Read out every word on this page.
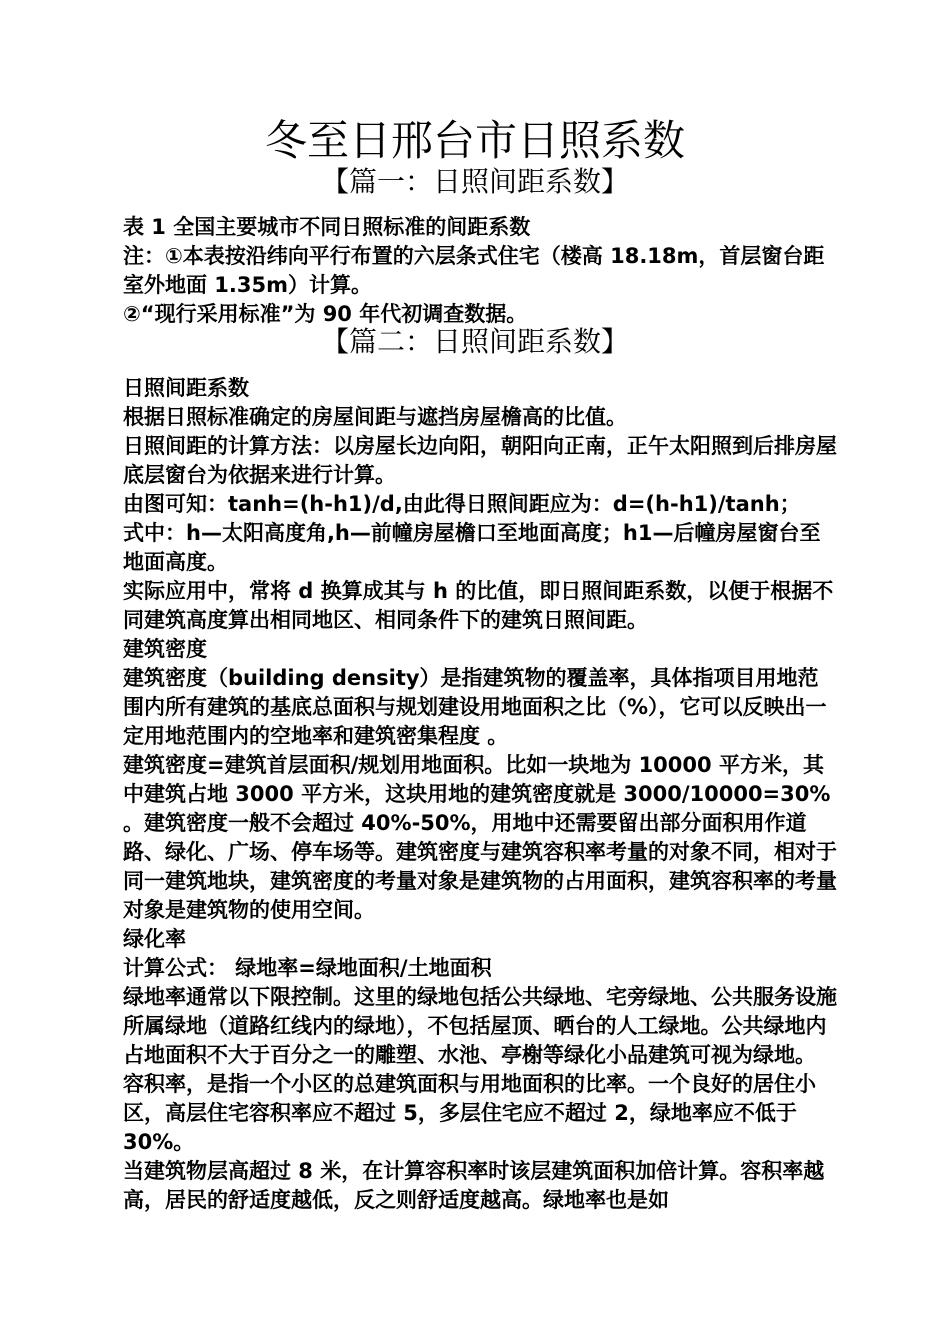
冬至日邢台市日照系数
【篇一：日照间距系数】

表 1 全国主要城市不同日照标准的间距系数

注：①本表按沿纬向平行布置的六层条式住宅（楼高 18.18m，首层窗台距室外地面 1.35m）计算。

②“现行采用标准”为 90 年代初调查数据。

【篇二：日照间距系数】

日照间距系数

根据日照标准确定的房屋间距与遮挡房屋檐高的比值。

日照间距的计算方法：以房屋长边向阳，朝阳向正南，正午太阳照到后排房屋底层窗台为依据来进行计算。

由图可知：tanh=(h-h1)/d,由此得日照间距应为：d=(h-h1)/tanh；

式中：h—太阳高度角,h—前幢房屋檐口至地面高度；h1—后幢房屋窗台至地面高度。

实际应用中，常将 d 换算成其与 h 的比值，即日照间距系数，以便于根据不同建筑高度算出相同地区、相同条件下的建筑日照间距。

建筑密度

建筑密度（building density）是指建筑物的覆盖率，具体指项目用地范围内所有建筑的基底总面积与规划建设用地面积之比（%），它可以反映出一定用地范围内的空地率和建筑密集程度 。

建筑密度=建筑首层面积/规划用地面积。比如一块地为 10000 平方米，其中建筑占地 3000 平方米，这块用地的建筑密度就是 3000/10000=30% 。建筑密度一般不会超过 40%-50%，用地中还需要留出部分面积用作道路、绿化、广场、停车场等。建筑密度与建筑容积率考量的对象不同，相对于同一建筑地块，建筑密度的考量对象是建筑物的占用面积，建筑容积率的考量对象是建筑物的使用空间。

绿化率

计算公式： 绿地率=绿地面积/土地面积

绿地率通常以下限控制。这里的绿地包括公共绿地、宅旁绿地、公共服务设施所属绿地（道路红线内的绿地），不包括屋顶、晒台的人工绿地。公共绿地内占地面积不大于百分之一的雕塑、水池、亭榭等绿化小品建筑可视为绿地。

容积率，是指一个小区的总建筑面积与用地面积的比率。一个良好的居住小区，高层住宅容积率应不超过 5，多层住宅应不超过 2，绿地率应不低于 30%。

当建筑物层高超过 8 米，在计算容积率时该层建筑面积加倍计算。容积率越高，居民的舒适度越低，反之则舒适度越高。绿地率也是如
